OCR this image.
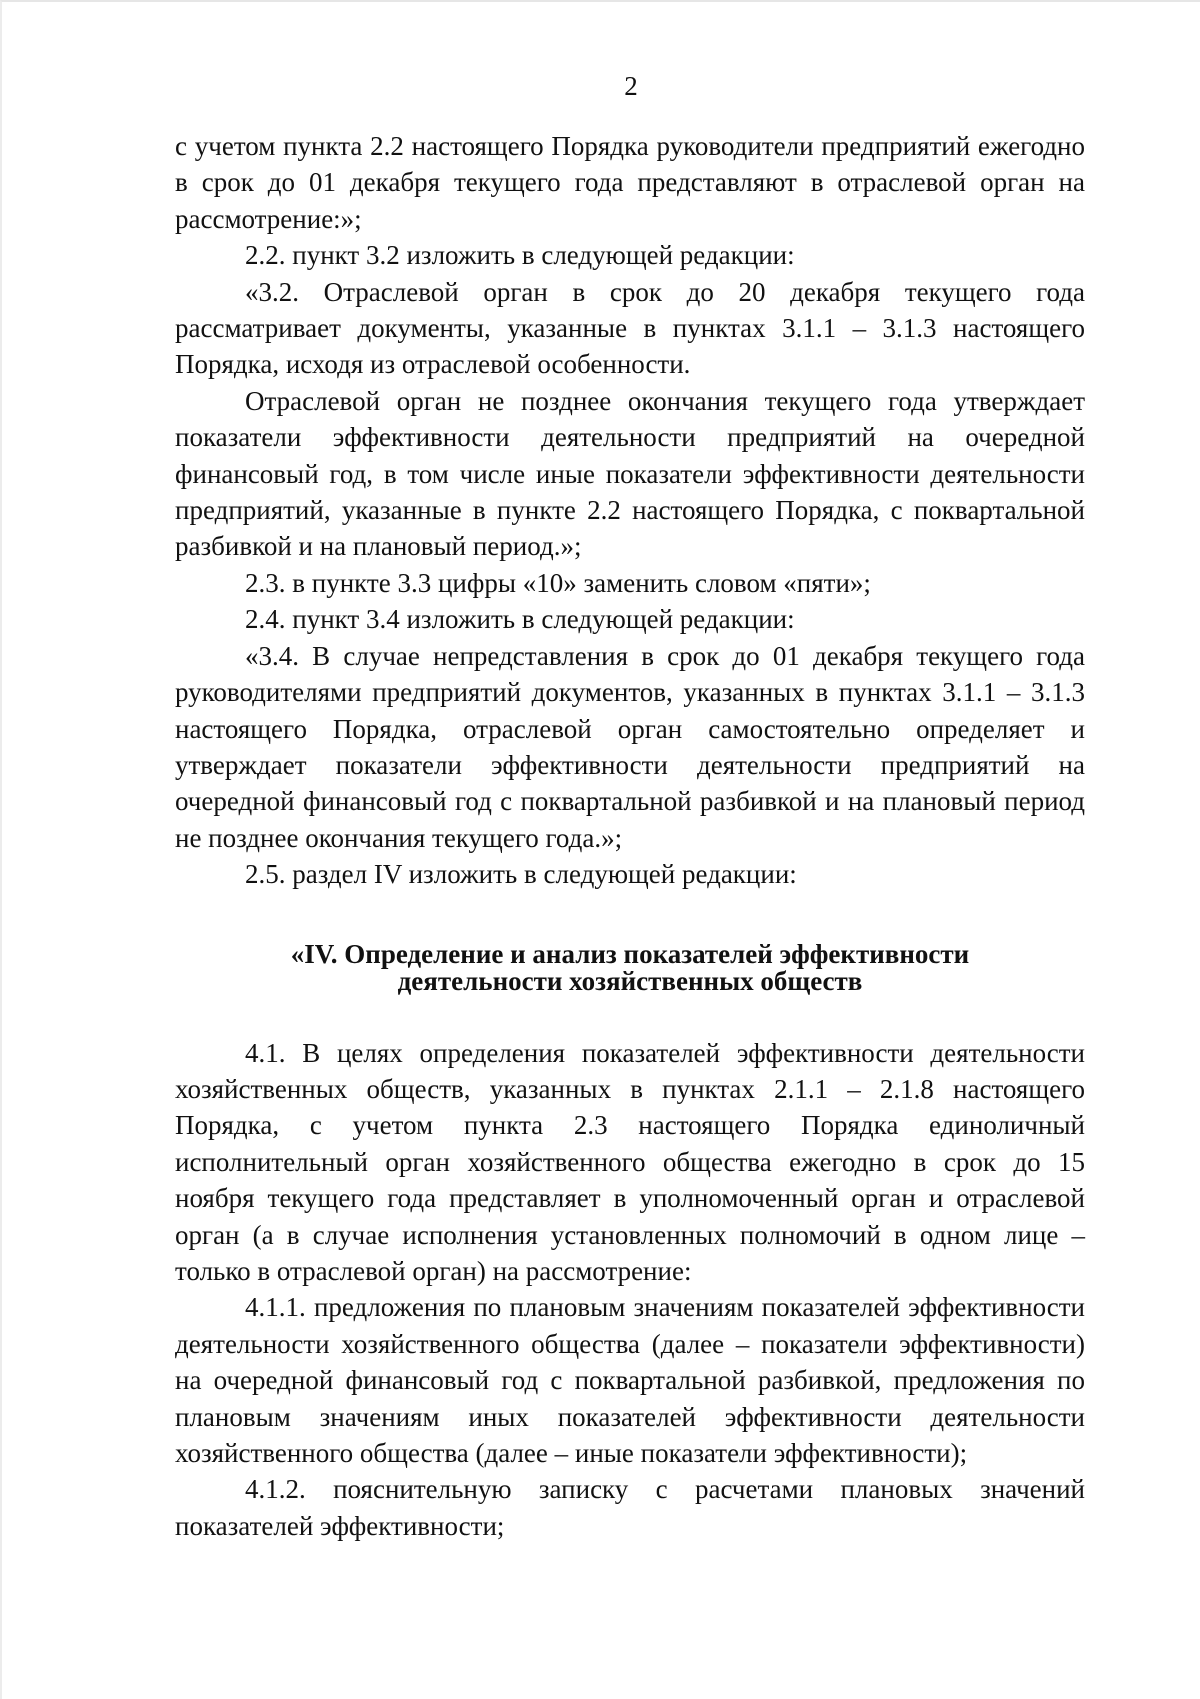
2

с учетом пункта 2.2 настоящего Порядка руководители предприятий ежегодно в срок до 01 декабря текущего года представляют в отраслевой орган на рассмотрение:»;

2.2. пункт 3.2 изложить в следующей редакции:

«3.2. Отраслевой орган в срок до 20 декабря текущего года рассматривает документы, указанные в пунктах 3.1.1 – 3.1.3 настоящего Порядка, исходя из отраслевой особенности.

Отраслевой орган не позднее окончания текущего года утверждает показатели эффективности деятельности предприятий на очередной финансовый год, в том числе иные показатели эффективности деятельности предприятий, указанные в пункте 2.2 настоящего Порядка, с поквартальной разбивкой и на плановый период.»;

2.3. в пункте 3.3 цифры «10» заменить словом «пяти»;

2.4. пункт 3.4 изложить в следующей редакции:

«3.4. В случае непредставления в срок до 01 декабря текущего года руководителями предприятий документов, указанных в пунктах 3.1.1 – 3.1.3 настоящего Порядка, отраслевой орган самостоятельно определяет и утверждает показатели эффективности деятельности предприятий на очередной финансовый год с поквартальной разбивкой и на плановый период не позднее окончания текущего года.»;

2.5. раздел IV изложить в следующей редакции:

«IV. Определение и анализ показателей эффективности
деятельности хозяйственных обществ

4.1. В целях определения показателей эффективности деятельности хозяйственных обществ, указанных в пунктах 2.1.1 – 2.1.8 настоящего Порядка, с учетом пункта 2.3 настоящего Порядка единоличный исполнительный орган хозяйственного общества ежегодно в срок до 15 ноября текущего года представляет в уполномоченный орган и отраслевой орган (а в случае исполнения установленных полномочий в одном лице – только в отраслевой орган) на рассмотрение:

4.1.1. предложения по плановым значениям показателей эффективности деятельности хозяйственного общества (далее – показатели эффективности) на очередной финансовый год с поквартальной разбивкой, предложения по плановым значениям иных показателей эффективности деятельности хозяйственного общества (далее – иные показатели эффективности);

4.1.2. пояснительную записку с расчетами плановых значений показателей эффективности;
